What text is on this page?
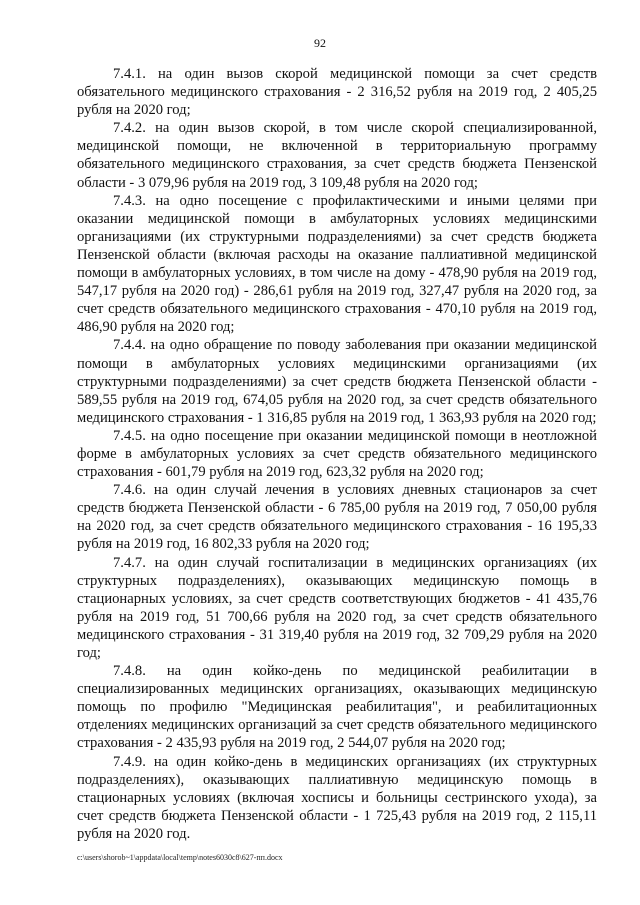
92

7.4.1. на один вызов скорой медицинской помощи за счет средств обязательного медицинского страхования - 2 316,52 рубля на 2019 год, 2 405,25 рубля на 2020 год;

7.4.2. на один вызов скорой, в том числе скорой специализированной, медицинской помощи, не включенной в территориальную программу обязательного медицинского страхования, за счет средств бюджета Пензенской области - 3 079,96 рубля на 2019 год, 3 109,48 рубля на 2020 год;

7.4.3. на одно посещение с профилактическими и иными целями при оказании медицинской помощи в амбулаторных условиях медицинскими организациями (их структурными подразделениями) за счет средств бюджета Пензенской области (включая расходы на оказание паллиативной медицинской помощи в амбулаторных условиях, в том числе на дому - 478,90 рубля на 2019 год, 547,17 рубля на 2020 год) - 286,61 рубля на 2019 год, 327,47 рубля на 2020 год, за счет средств обязательного медицинского страхования - 470,10 рубля на 2019 год, 486,90 рубля на 2020 год;

7.4.4. на одно обращение по поводу заболевания при оказании медицинской помощи в амбулаторных условиях медицинскими организациями (их структурными подразделениями) за счет средств бюджета Пензенской области - 589,55 рубля на 2019 год, 674,05 рубля на 2020 год, за счет средств обязательного медицинского страхования - 1 316,85 рубля на 2019 год, 1 363,93 рубля на 2020 год;

7.4.5. на одно посещение при оказании медицинской помощи в неотложной форме в амбулаторных условиях за счет средств обязательного медицинского страхования - 601,79 рубля на 2019 год, 623,32 рубля на 2020 год;

7.4.6. на один случай лечения в условиях дневных стационаров за счет средств бюджета Пензенской области - 6 785,00 рубля на 2019 год, 7 050,00 рубля на 2020 год, за счет средств обязательного медицинского страхования - 16 195,33 рубля на 2019 год, 16 802,33 рубля на 2020 год;

7.4.7. на один случай госпитализации в медицинских организациях (их структурных подразделениях), оказывающих медицинскую помощь в стационарных условиях, за счет средств соответствующих бюджетов - 41 435,76 рубля на 2019 год, 51 700,66 рубля на 2020 год, за счет средств обязательного медицинского страхования - 31 319,40 рубля на 2019 год, 32 709,29 рубля на 2020 год;

7.4.8. на один койко-день по медицинской реабилитации в специализированных медицинских организациях, оказывающих медицинскую помощь по профилю "Медицинская реабилитация", и реабилитационных отделениях медицинских организаций за счет средств обязательного медицинского страхования - 2 435,93 рубля на 2019 год, 2 544,07 рубля на 2020 год;

7.4.9. на один койко-день в медицинских организациях (их структурных подразделениях), оказывающих паллиативную медицинскую помощь в стационарных условиях (включая хосписы и больницы сестринского ухода), за счет средств бюджета Пензенской области - 1 725,43 рубля на 2019 год, 2 115,11 рубля на 2020 год.

c:\users\shorob~1\appdata\local\temp\notes6030c8\627-пп.docx
